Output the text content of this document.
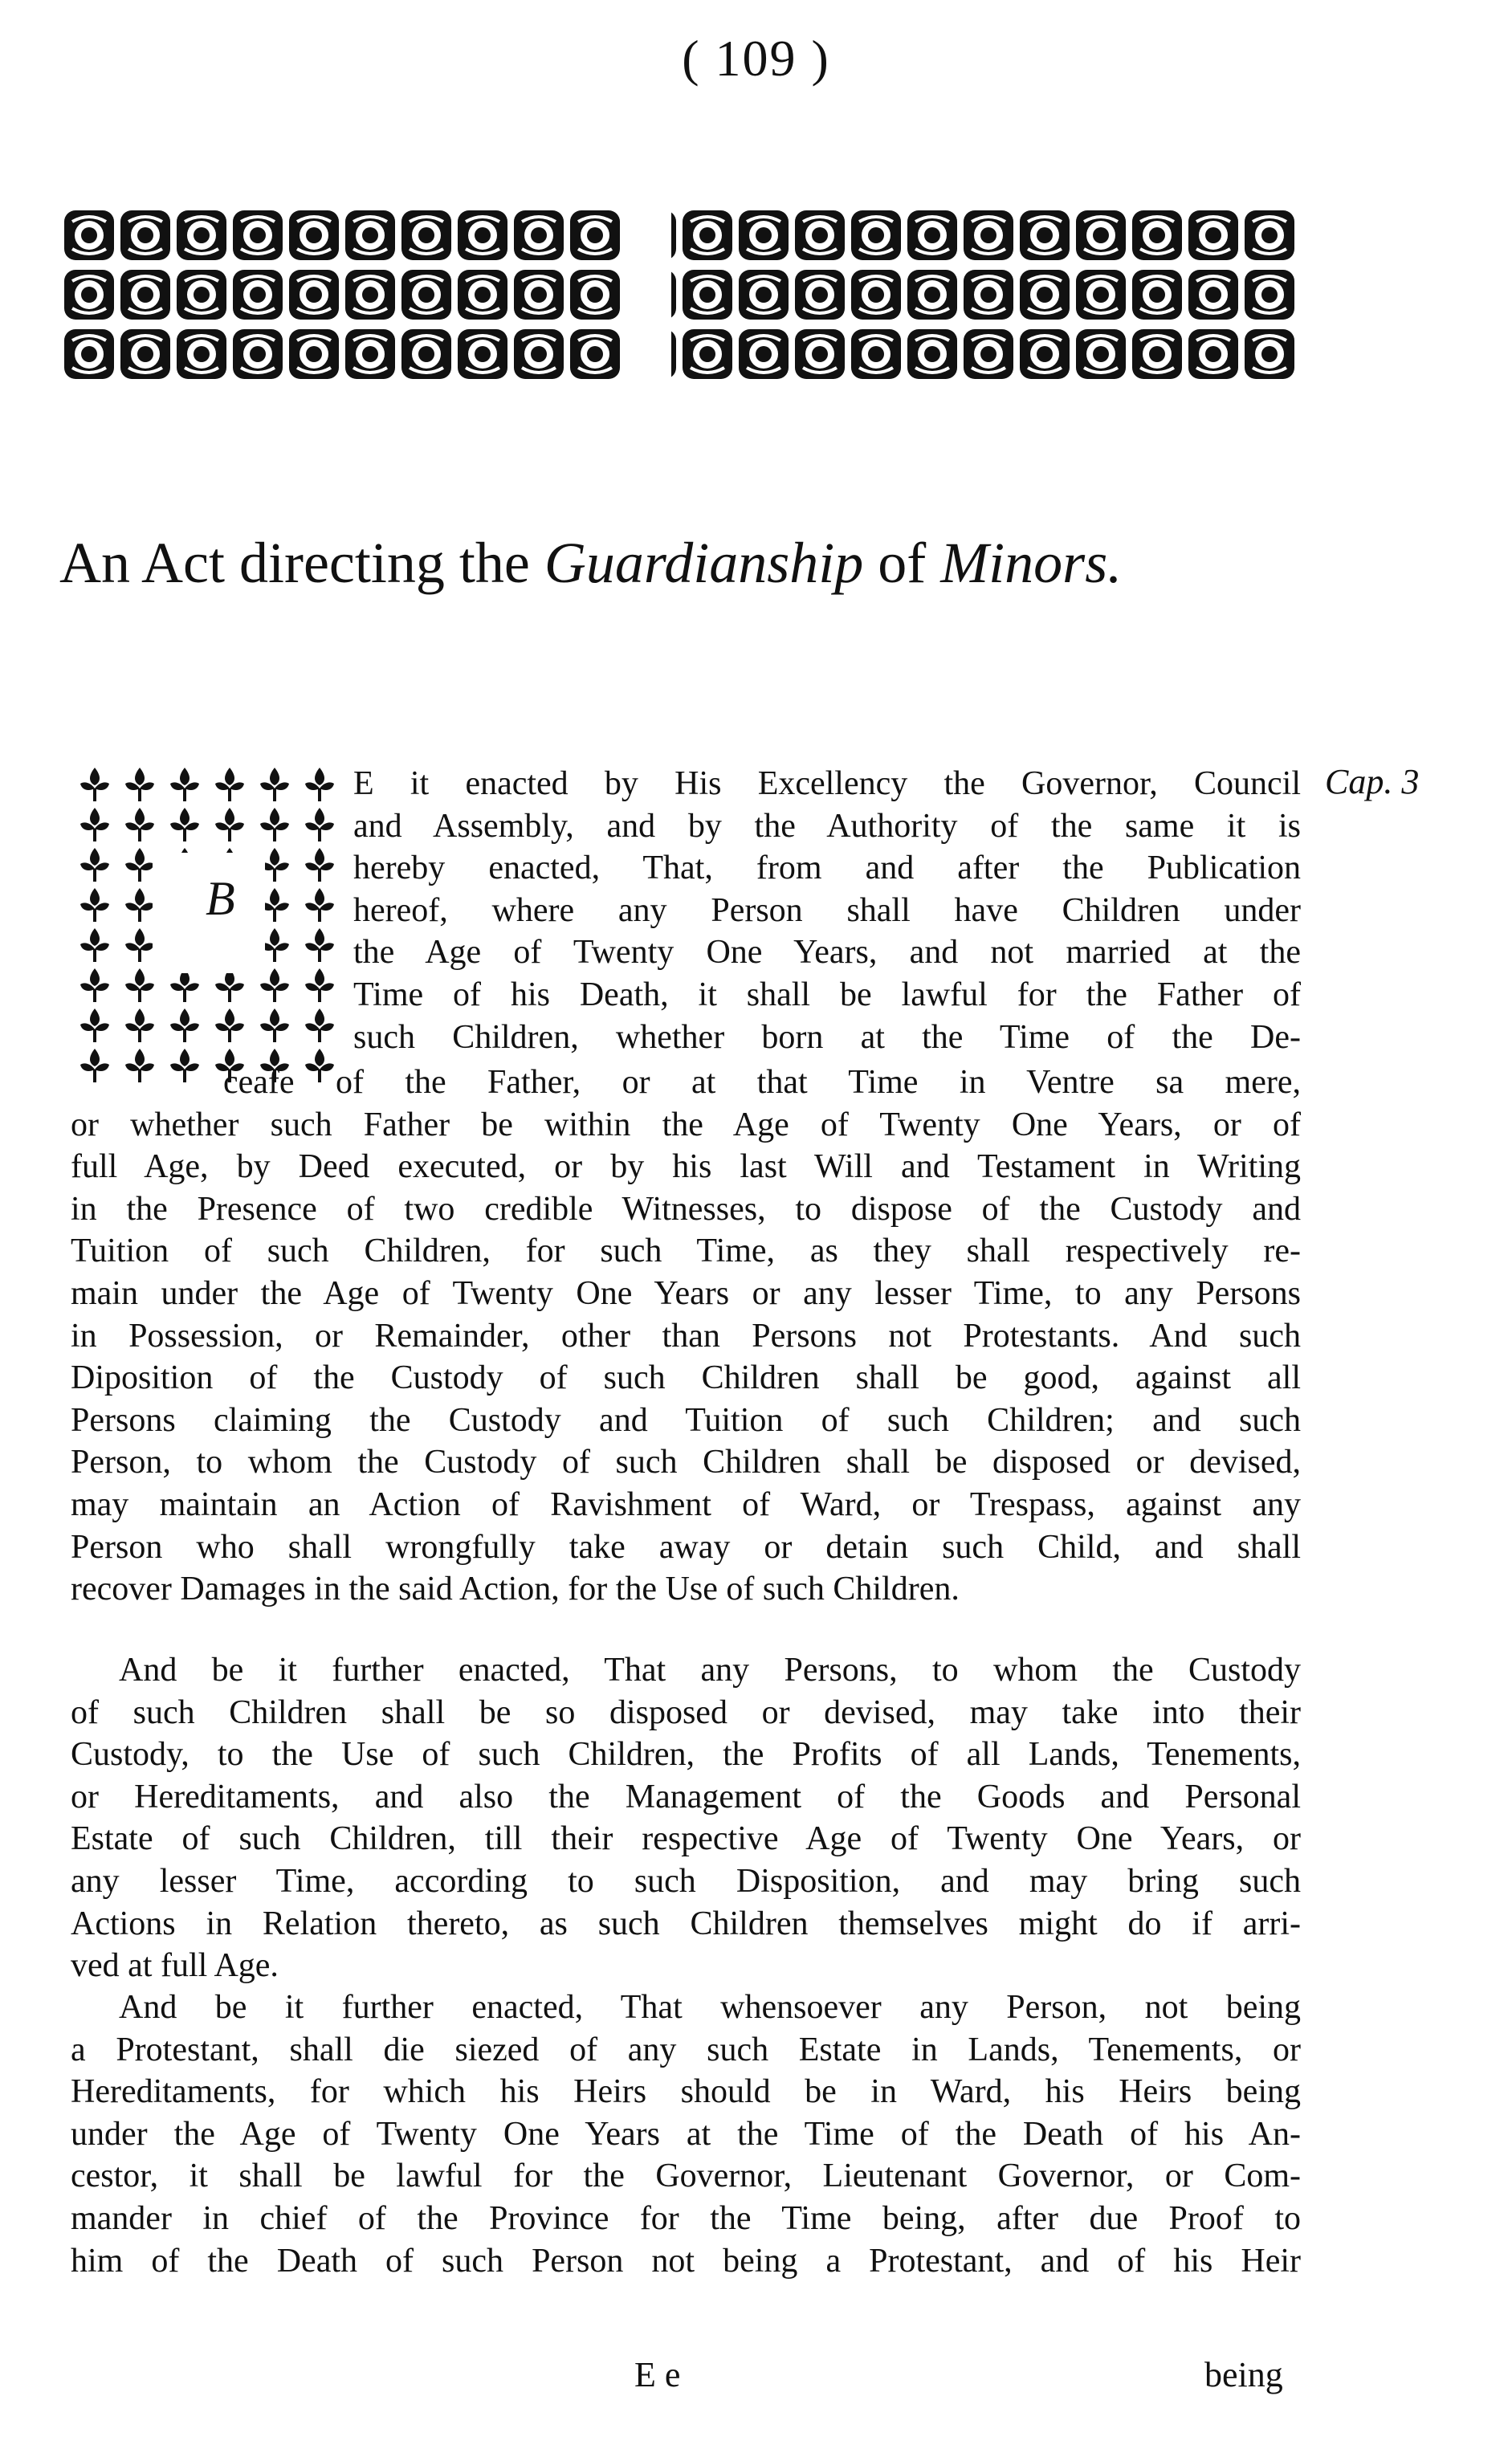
( 109 )
An Act directing the Guardianship of Minors.
Cap. 3
B
E it enacted by His Excellency the Governor, Council
and Assembly, and by the Authority of the same it is
hereby enacted, That, from and after the Publication
hereof, where any Person shall have Children under
the Age of Twenty One Years, and not married at the
Time of his Death, it shall be lawful for the Father of
such Children, whether born at the Time of the De-
ceafe of the Father, or at that Time in Ventre sa mere,
or whether such Father be within the Age of Twenty One Years, or of
full Age, by Deed executed, or by his last Will and Testament in Writing
in the Presence of two credible Witnesses, to dispose of the Custody and
Tuition of such Children, for such Time, as they shall respectively re-
main under the Age of Twenty One Years or any lesser Time, to any Persons
in Possession, or Remainder, other than Persons not Protestants. And such
Diposition of the Custody of such Children shall be good, against all
Persons claiming the Custody and Tuition of such Children; and such
Person, to whom the Custody of such Children shall be disposed or devised,
may maintain an Action of Ravishment of Ward, or Trespass, against any
Person who shall wrongfully take away or detain such Child, and shall
recover Damages in the said Action, for the Use of such Children.
And be it further enacted, That any Persons, to whom the Custody
of such Children shall be so disposed or devised, may take into their
Custody, to the Use of such Children, the Profits of all Lands, Tenements,
or Hereditaments, and also the Management of the Goods and Personal
Estate of such Children, till their respective Age of Twenty One Years, or
any lesser Time, according to such Disposition, and may bring such
Actions in Relation thereto, as such Children themselves might do if arri-
ved at full Age.
And be it further enacted, That whensoever any Person, not being
a Protestant, shall die siezed of any such Estate in Lands, Tenements, or
Hereditaments, for which his Heirs should be in Ward, his Heirs being
under the Age of Twenty One Years at the Time of the Death of his An-
cestor, it shall be lawful for the Governor, Lieutenant Governor, or Com-
mander in chief of the Province for the Time being, after due Proof to
him of the Death of such Person not being a Protestant, and of his Heir
E e	being
